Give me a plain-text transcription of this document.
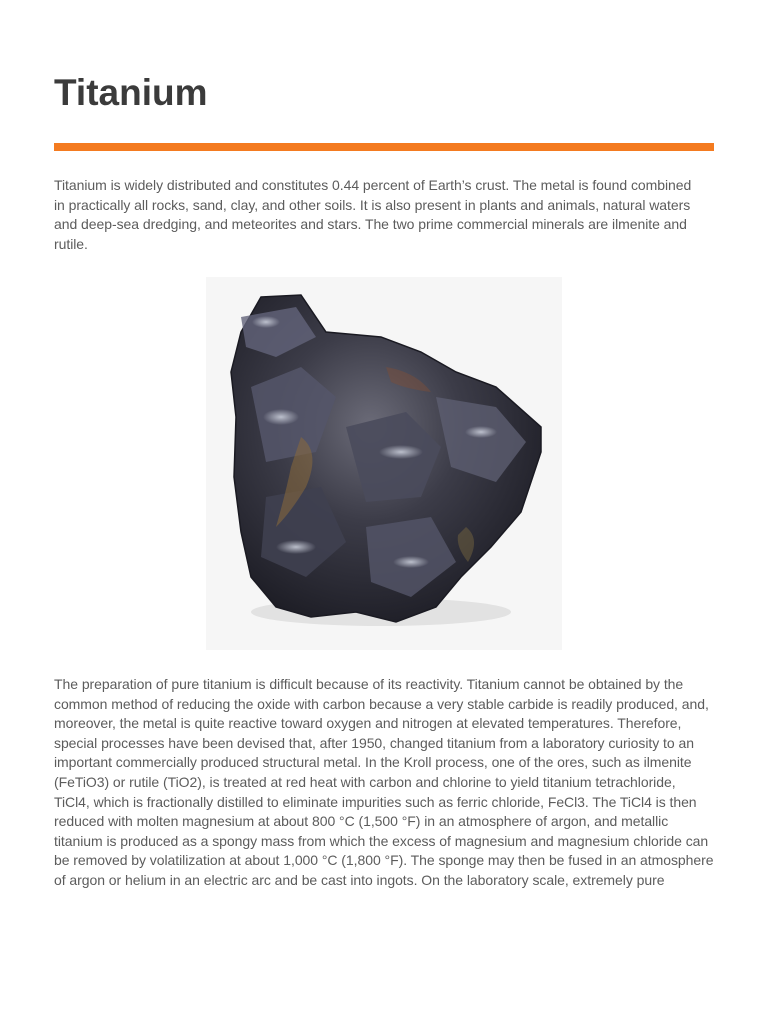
Titanium

Titanium is widely distributed and constitutes 0.44 percent of Earth’s crust. The metal is found combined in practically all rocks, sand, clay, and other soils. It is also present in plants and animals, natural waters and deep-sea dredging, and meteorites and stars. The two prime commercial minerals are ilmenite and rutile.

The preparation of pure titanium is difficult because of its reactivity. Titanium cannot be obtained by the common method of reducing the oxide with carbon because a very stable carbide is readily produced, and, moreover, the metal is quite reactive toward oxygen and nitrogen at elevated temperatures. Therefore, special processes have been devised that, after 1950, changed titanium from a laboratory curiosity to an important commercially produced structural metal. In the Kroll process, one of the ores, such as ilmenite (FeTiO3) or rutile (TiO2), is treated at red heat with carbon and chlorine to yield titanium tetrachloride, TiCl4, which is fractionally distilled to eliminate impurities such as ferric chloride, FeCl3. The TiCl4 is then reduced with molten magnesium at about 800 °C (1,500 °F) in an atmosphere of argon, and metallic titanium is produced as a spongy mass from which the excess of magnesium and magnesium chloride can be removed by volatilization at about 1,000 °C (1,800 °F). The sponge may then be fused in an atmosphere of argon or helium in an electric arc and be cast into ingots. On the laboratory scale, extremely pure
